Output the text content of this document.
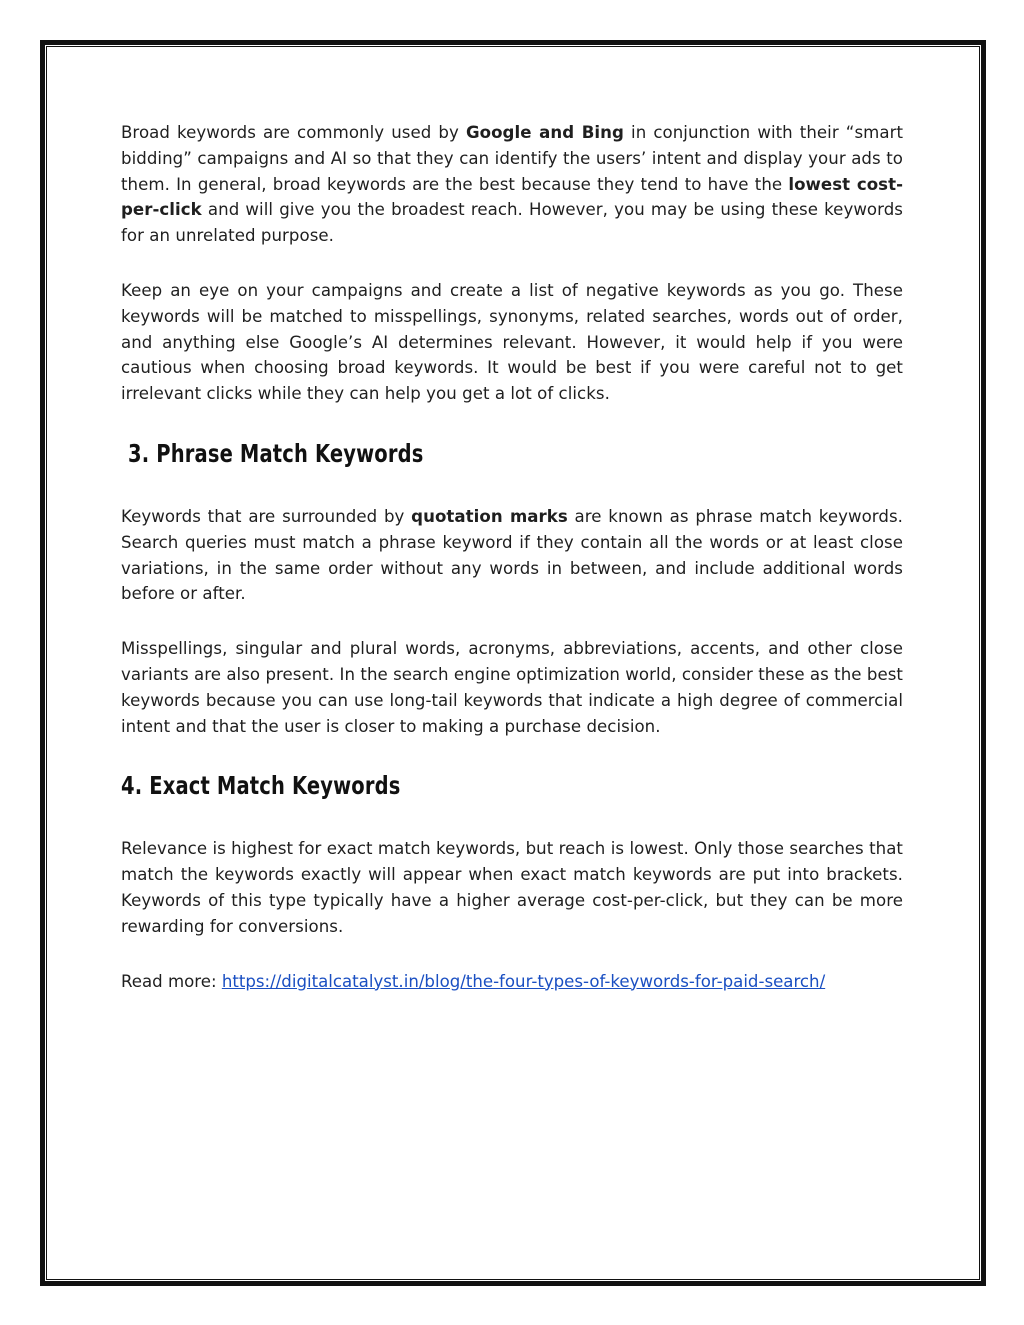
Broad keywords are commonly used by Google and Bing in conjunction with their “smart bidding” campaigns and AI so that they can identify the users’ intent and display your ads to them. In general, broad keywords are the best because they tend to have the lowest cost-per-click and will give you the broadest reach. However, you may be using these keywords for an unrelated purpose.

Keep an eye on your campaigns and create a list of negative keywords as you go. These keywords will be matched to misspellings, synonyms, related searches, words out of order, and anything else Google’s AI determines relevant. However, it would help if you were cautious when choosing broad keywords. It would be best if you were careful not to get irrelevant clicks while they can help you get a lot of clicks.

3. Phrase Match Keywords

Keywords that are surrounded by quotation marks are known as phrase match keywords. Search queries must match a phrase keyword if they contain all the words or at least close variations, in the same order without any words in between, and include additional words before or after.

Misspellings, singular and plural words, acronyms, abbreviations, accents, and other close variants are also present. In the search engine optimization world, consider these as the best keywords because you can use long-tail keywords that indicate a high degree of commercial intent and that the user is closer to making a purchase decision.

4. Exact Match Keywords

Relevance is highest for exact match keywords, but reach is lowest. Only those searches that match the keywords exactly will appear when exact match keywords are put into brackets. Keywords of this type typically have a higher average cost-per-click, but they can be more rewarding for conversions.

Read more: https://digitalcatalyst.in/blog/the-four-types-of-keywords-for-paid-search/
